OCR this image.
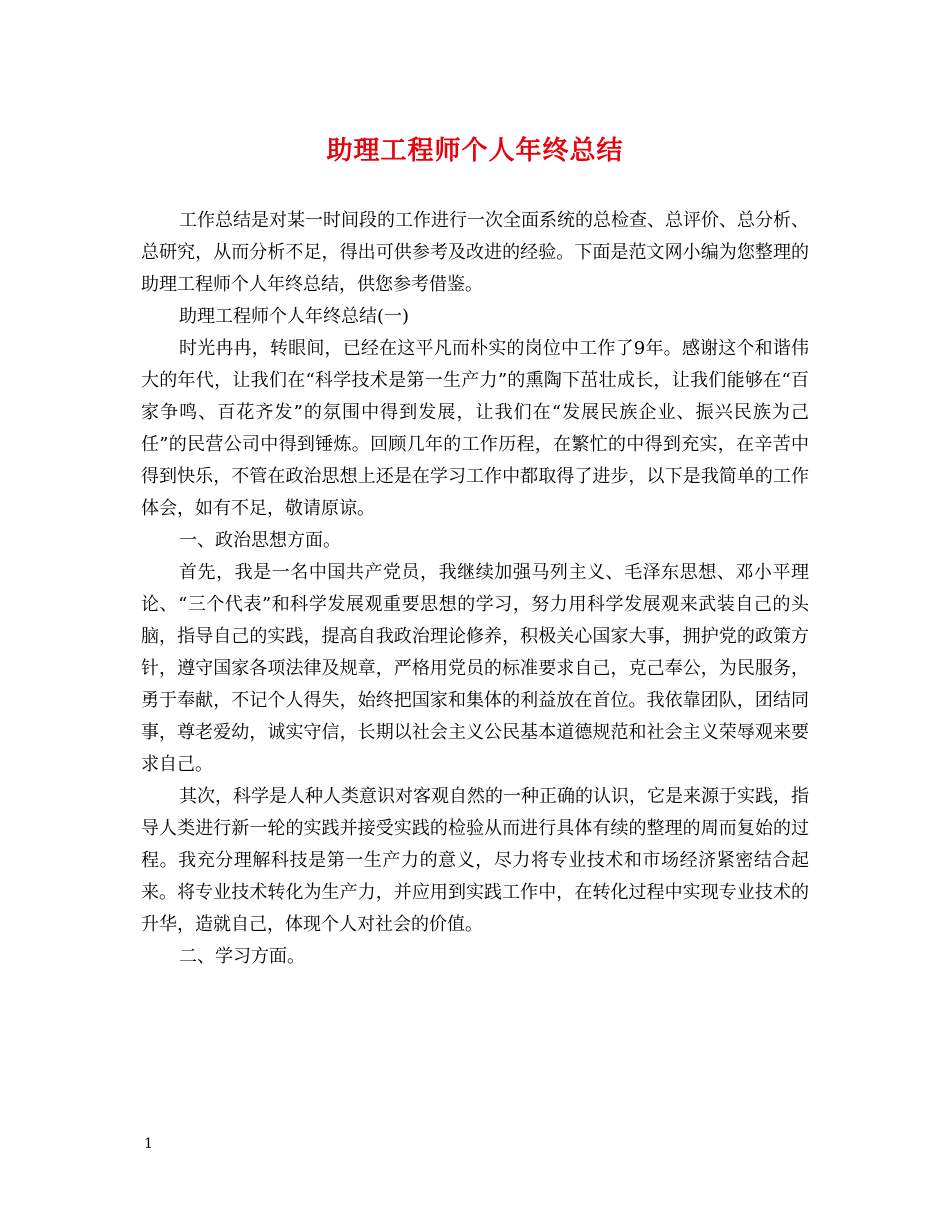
助理工程师个人年终总结

工作总结是对某一时间段的工作进行一次全面系统的总检查、总评价、总分析、总研究，从而分析不足，得出可供参考及改进的经验。下面是范文网小编为您整理的助理工程师个人年终总结，供您参考借鉴。

助理工程师个人年终总结(一)

时光冉冉，转眼间，已经在这平凡而朴实的岗位中工作了9年。感谢这个和谐伟大的年代，让我们在“科学技术是第一生产力”的熏陶下茁壮成长，让我们能够在“百家争鸣、百花齐发”的氛围中得到发展，让我们在“发展民族企业、振兴民族为己任”的民营公司中得到锤炼。回顾几年的工作历程，在繁忙的中得到充实，在辛苦中得到快乐，不管在政治思想上还是在学习工作中都取得了进步，以下是我简单的工作体会，如有不足，敬请原谅。

一、政治思想方面。

首先，我是一名中国共产党员，我继续加强马列主义、毛泽东思想、邓小平理论、“三个代表”和科学发展观重要思想的学习，努力用科学发展观来武装自己的头脑，指导自己的实践，提高自我政治理论修养，积极关心国家大事，拥护党的政策方针，遵守国家各项法律及规章，严格用党员的标准要求自己，克己奉公，为民服务，勇于奉献，不记个人得失，始终把国家和集体的利益放在首位。我依靠团队，团结同事，尊老爱幼，诚实守信，长期以社会主义公民基本道德规范和社会主义荣辱观来要求自己。

其次，科学是人种人类意识对客观自然的一种正确的认识，它是来源于实践，指导人类进行新一轮的实践并接受实践的检验从而进行具体有续的整理的周而复始的过程。我充分理解科技是第一生产力的意义，尽力将专业技术和市场经济紧密结合起来。将专业技术转化为生产力，并应用到实践工作中，在转化过程中实现专业技术的升华，造就自己，体现个人对社会的价值。

二、学习方面。

1
